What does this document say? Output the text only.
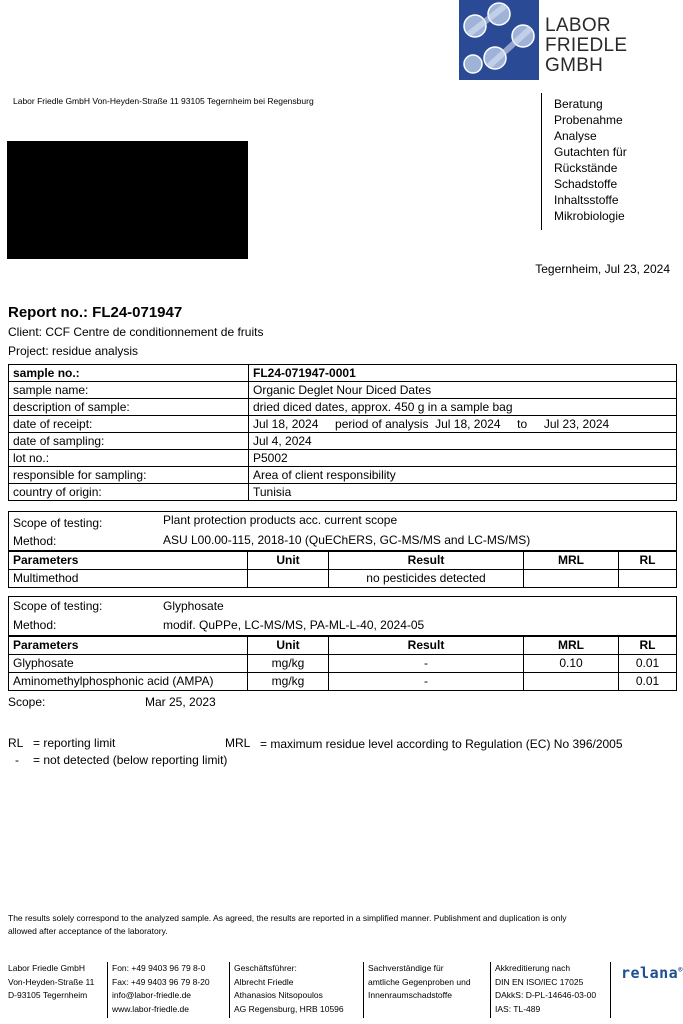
LABOR
FRIEDLE
GMBH
Labor Friedle GmbH Von-Heyden-Straße 11 93105 Tegernheim bei Regensburg	Beratung
Probenahme
Analyse
Gutachten für
Rückstände
Schadstoffe
Inhaltsstoffe
Mikrobiologie
Tegernheim, Jul 23, 2024
Report no.: FL24-071947
Client: CCF Centre de conditionnement de fruits
Project: residue analysis
sample no.:	FL24-071947-0001
sample name:	Organic Deglet Nour Diced Dates
description of sample:	dried diced dates, approx. 450 g in a sample bag
date of receipt:	Jul 18, 2024     period of analysis  Jul 18, 2024     to     Jul 23, 2024
date of sampling:	Jul 4, 2024
lot no.:	P5002
responsible for sampling:	Area of client responsibility
country of origin:	Tunisia
Scope of testing:	Plant protection products acc. current scope
Method:	ASU L00.00-115, 2018-10 (QuEChERS, GC-MS/MS and LC-MS/MS)
Parameters	Unit	Result	MRL	RL
Multimethod		no pesticides detected		
Scope of testing:	Glyphosate
Method:	modif. QuPPe, LC-MS/MS, PA-ML-L-40, 2024-05
Parameters	Unit	Result	MRL	RL
Glyphosate	mg/kg	-	0.10	0.01
Aminomethylphosphonic acid (AMPA)	mg/kg	-		0.01
Scope:	Mar 25, 2023
RL = reporting limit	MRL = maximum residue level according to Regulation (EC) No 396/2005
- = not detected (below reporting limit)
The results solely correspond to the analyzed sample. As agreed, the results are reported in a simplified manner. Publishment and duplication is only allowed after acceptance of the laboratory.
Labor Friedle GmbH
Von-Heyden-Straße 11
D-93105 Tegernheim
Fon: +49 9403 96 79 8-0
Fax: +49 9403 96 79 8-20
info@labor-friedle.de
www.labor-friedle.de
Geschäftsführer:
Albrecht Friedle
Athanasios Nitsopoulos
AG Regensburg, HRB 10596
Sachverständige für
amtliche Gegenproben und
Innenraumschadstoffe
Akkreditierung nach
DIN EN ISO/IEC 17025
DAkkS: D-PL-14646-03-00
IAS: TL-489
relana®
